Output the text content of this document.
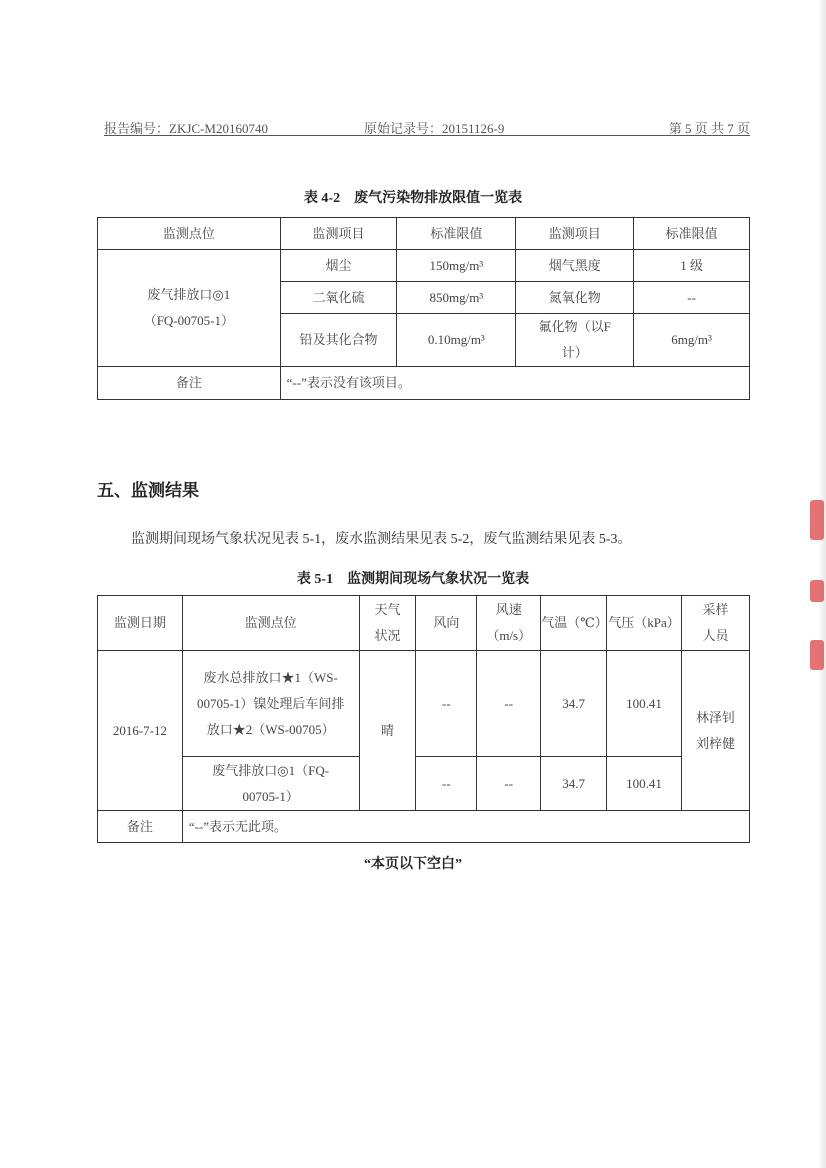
报告编号：ZKJC-M20160740	原始记录号：20151126-9	第 5 页 共 7 页
表 4-2　废气污染物排放限值一览表
监测点位	监测项目	标准限值	监测项目	标准限值

废气排放口◎1
（FQ-00705-1）	烟尘	150mg/m³	烟气黑度	1 级
	二氧化硫	850mg/m³	氮氧化物	--
	铅及其化合物	0.10mg/m³	氟化物（以F计）	6mg/m³
备注	“--”表示没有该项目。			
五、监测结果
监测期间现场气象状况见表 5-1，废水监测结果见表 5-2，废气监测结果见表 5-3。
表 5-1　监测期间现场气象状况一览表
监测日期	监测点位	天气状况	风向	风速（m/s）	气温（℃）	气压（kPa）	采样人员
2016-7-12	废水总排放口★1（WS-00705-1）镍处理后车间排放口★2（WS-00705）	晴	--	--	34.7	100.41	林泽钊 刘梓健
	废气排放口◎1（FQ-00705-1）		--	--	34.7	100.41	
备注	“--”表示无此项。						
“本页以下空白”
